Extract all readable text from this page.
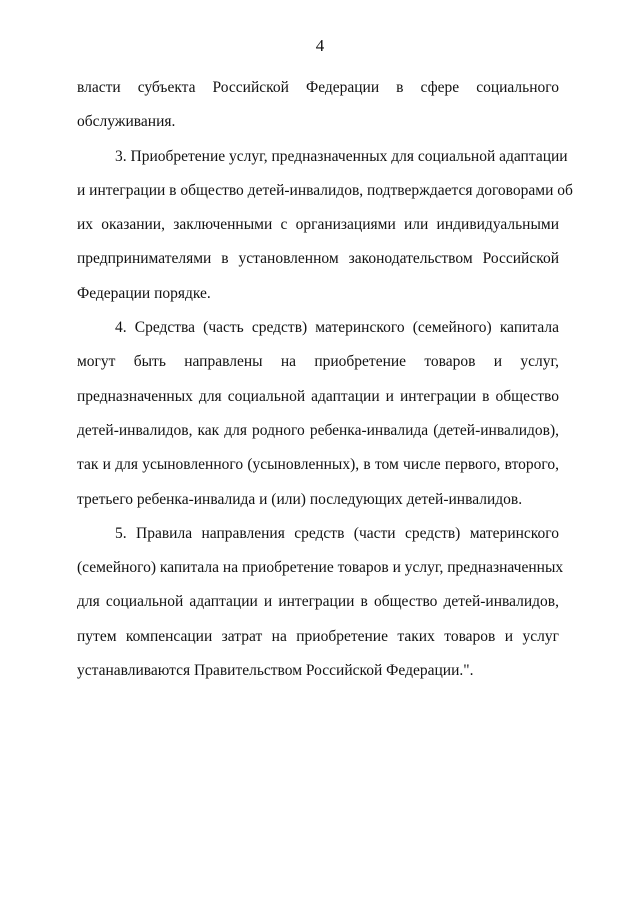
4
власти субъекта Российской Федерации в сфере социального
обслуживания.
3. Приобретение услуг, предназначенных для социальной адаптации
и интеграции в общество детей-инвалидов, подтверждается договорами об
их оказании, заключенными с организациями или индивидуальными
предпринимателями в установленном законодательством Российской
Федерации порядке.
4. Средства (часть средств) материнского (семейного) капитала
могут быть направлены на приобретение товаров и услуг,
предназначенных для социальной адаптации и интеграции в общество
детей-инвалидов, как для родного ребенка-инвалида (детей-инвалидов),
так и для усыновленного (усыновленных), в том числе первого, второго,
третьего ребенка-инвалида и (или) последующих детей-инвалидов.
5. Правила направления средств (части средств) материнского
(семейного) капитала на приобретение товаров и услуг, предназначенных
для социальной адаптации и интеграции в общество детей-инвалидов,
путем компенсации затрат на приобретение таких товаров и услуг
устанавливаются Правительством Российской Федерации.".
